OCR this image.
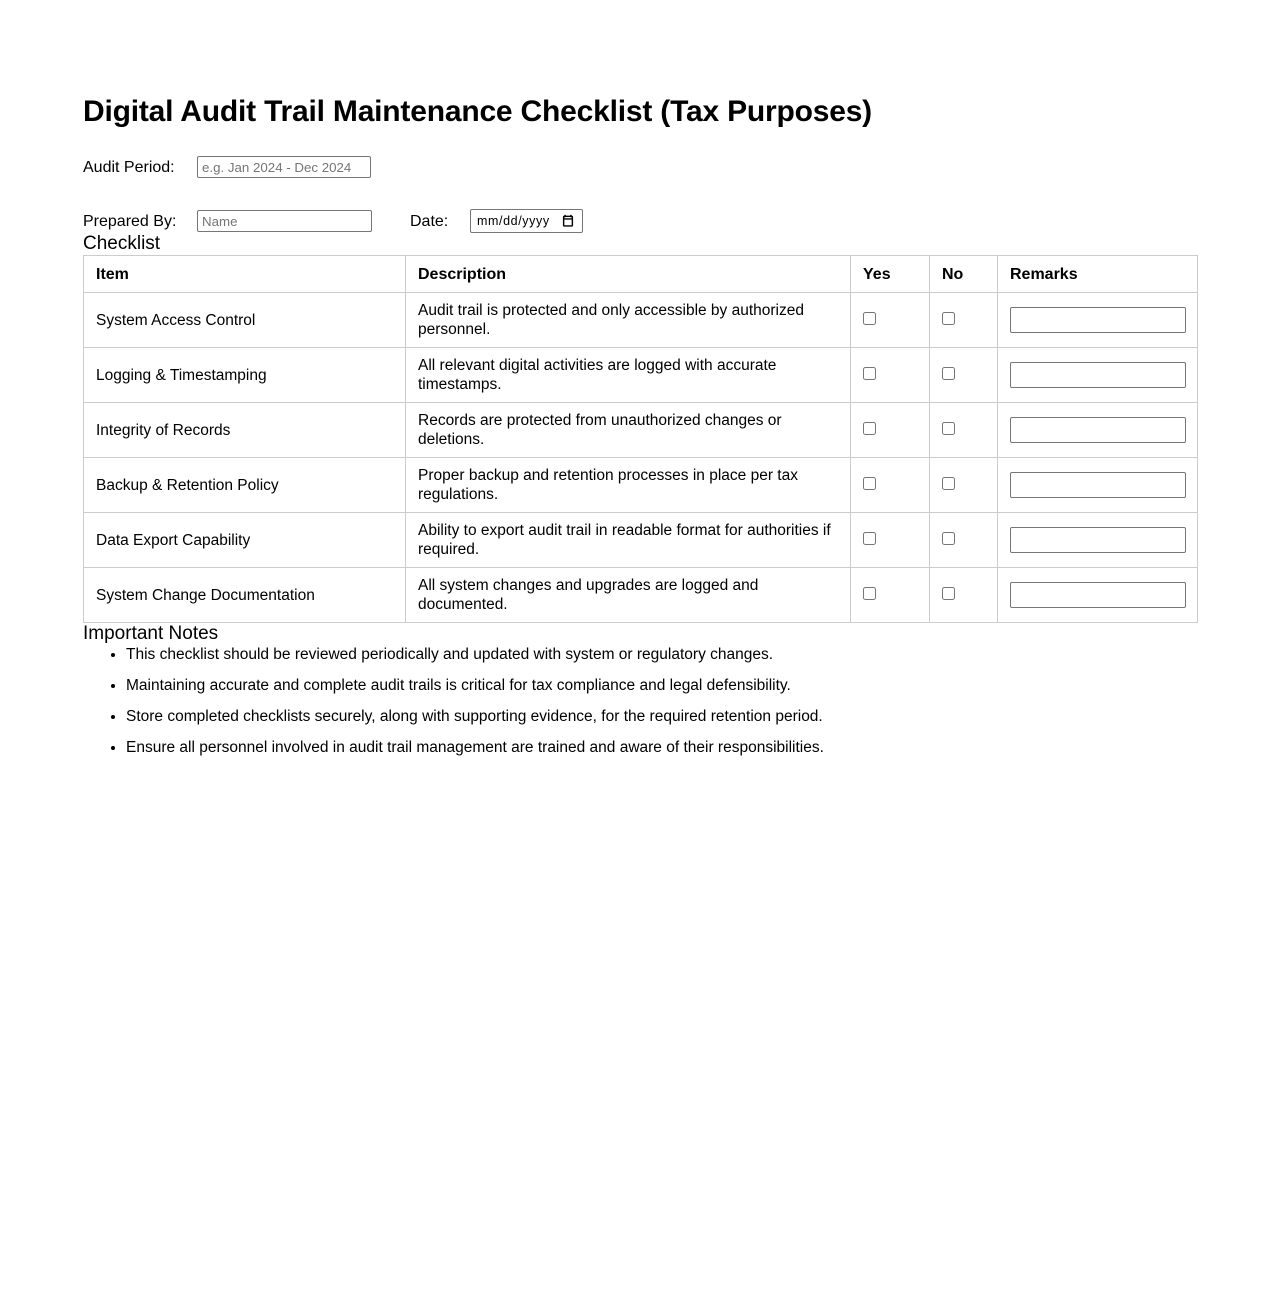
Digital Audit Trail Maintenance Checklist (Tax Purposes)
Audit Period:
e.g. Jan 2024 - Dec 2024
Prepared By:
Name	Date:	mm/dd/yyyy
Checklist
Item	Description	Yes	No	Remarks
System Access Control	Audit trail is protected and only accessible by authorized personnel.			
Logging & Timestamping	All relevant digital activities are logged with accurate timestamps.			
Integrity of Records	Records are protected from unauthorized changes or deletions.			
Backup & Retention Policy	Proper backup and retention processes in place per tax regulations.			
Data Export Capability	Ability to export audit trail in readable format for authorities if required.			
System Change Documentation	All system changes and upgrades are logged and documented.			
Important Notes
• This checklist should be reviewed periodically and updated with system or regulatory changes.
• Maintaining accurate and complete audit trails is critical for tax compliance and legal defensibility.
• Store completed checklists securely, along with supporting evidence, for the required retention period.
• Ensure all personnel involved in audit trail management are trained and aware of their responsibilities.
